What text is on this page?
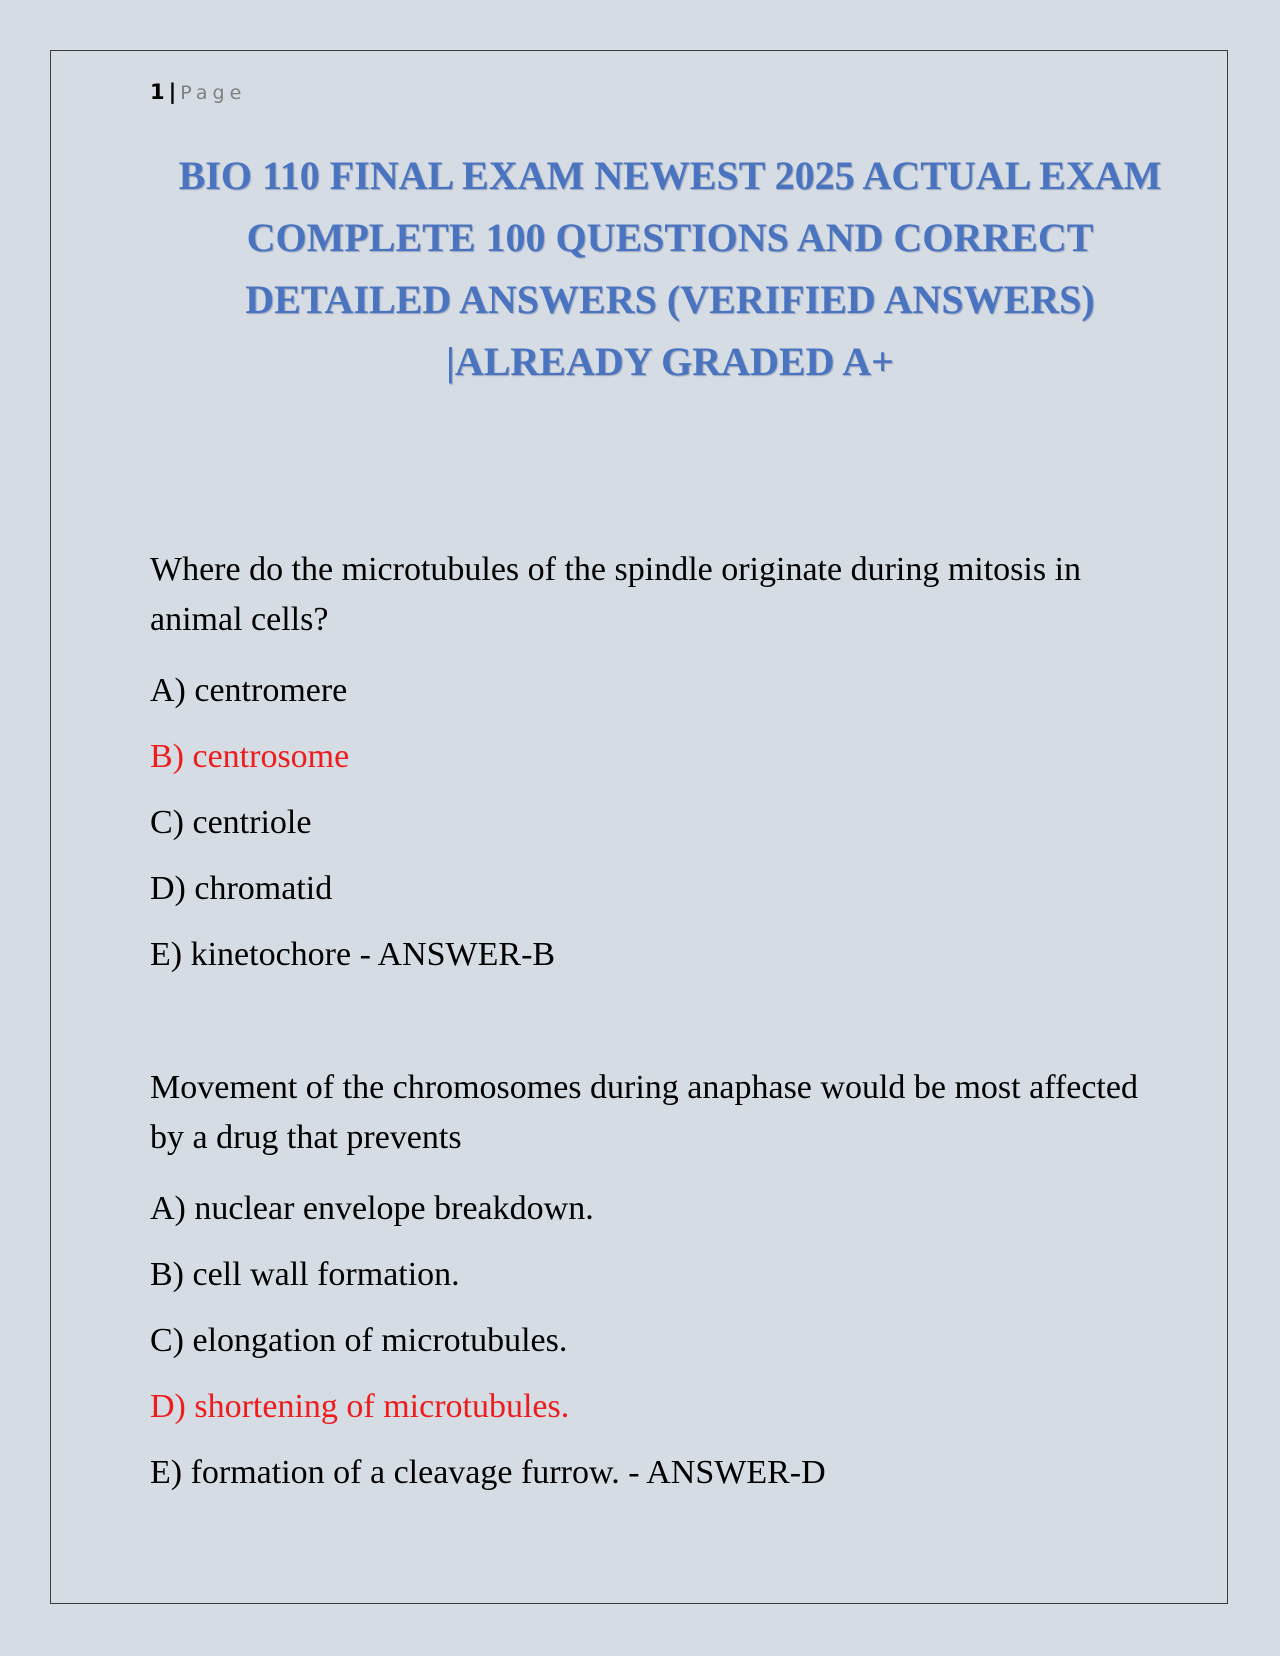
1 | Page
BIO 110 FINAL EXAM NEWEST 2025 ACTUAL EXAM COMPLETE 100 QUESTIONS AND CORRECT DETAILED ANSWERS (VERIFIED ANSWERS) |ALREADY GRADED A+

Where do the microtubules of the spindle originate during mitosis in animal cells?

A) centromere
B) centrosome
C) centriole
D) chromatid
E) kinetochore - ANSWER-B

Movement of the chromosomes during anaphase would be most affected by a drug that prevents

A) nuclear envelope breakdown.
B) cell wall formation.
C) elongation of microtubules.
D) shortening of microtubules.
E) formation of a cleavage furrow. - ANSWER-D
